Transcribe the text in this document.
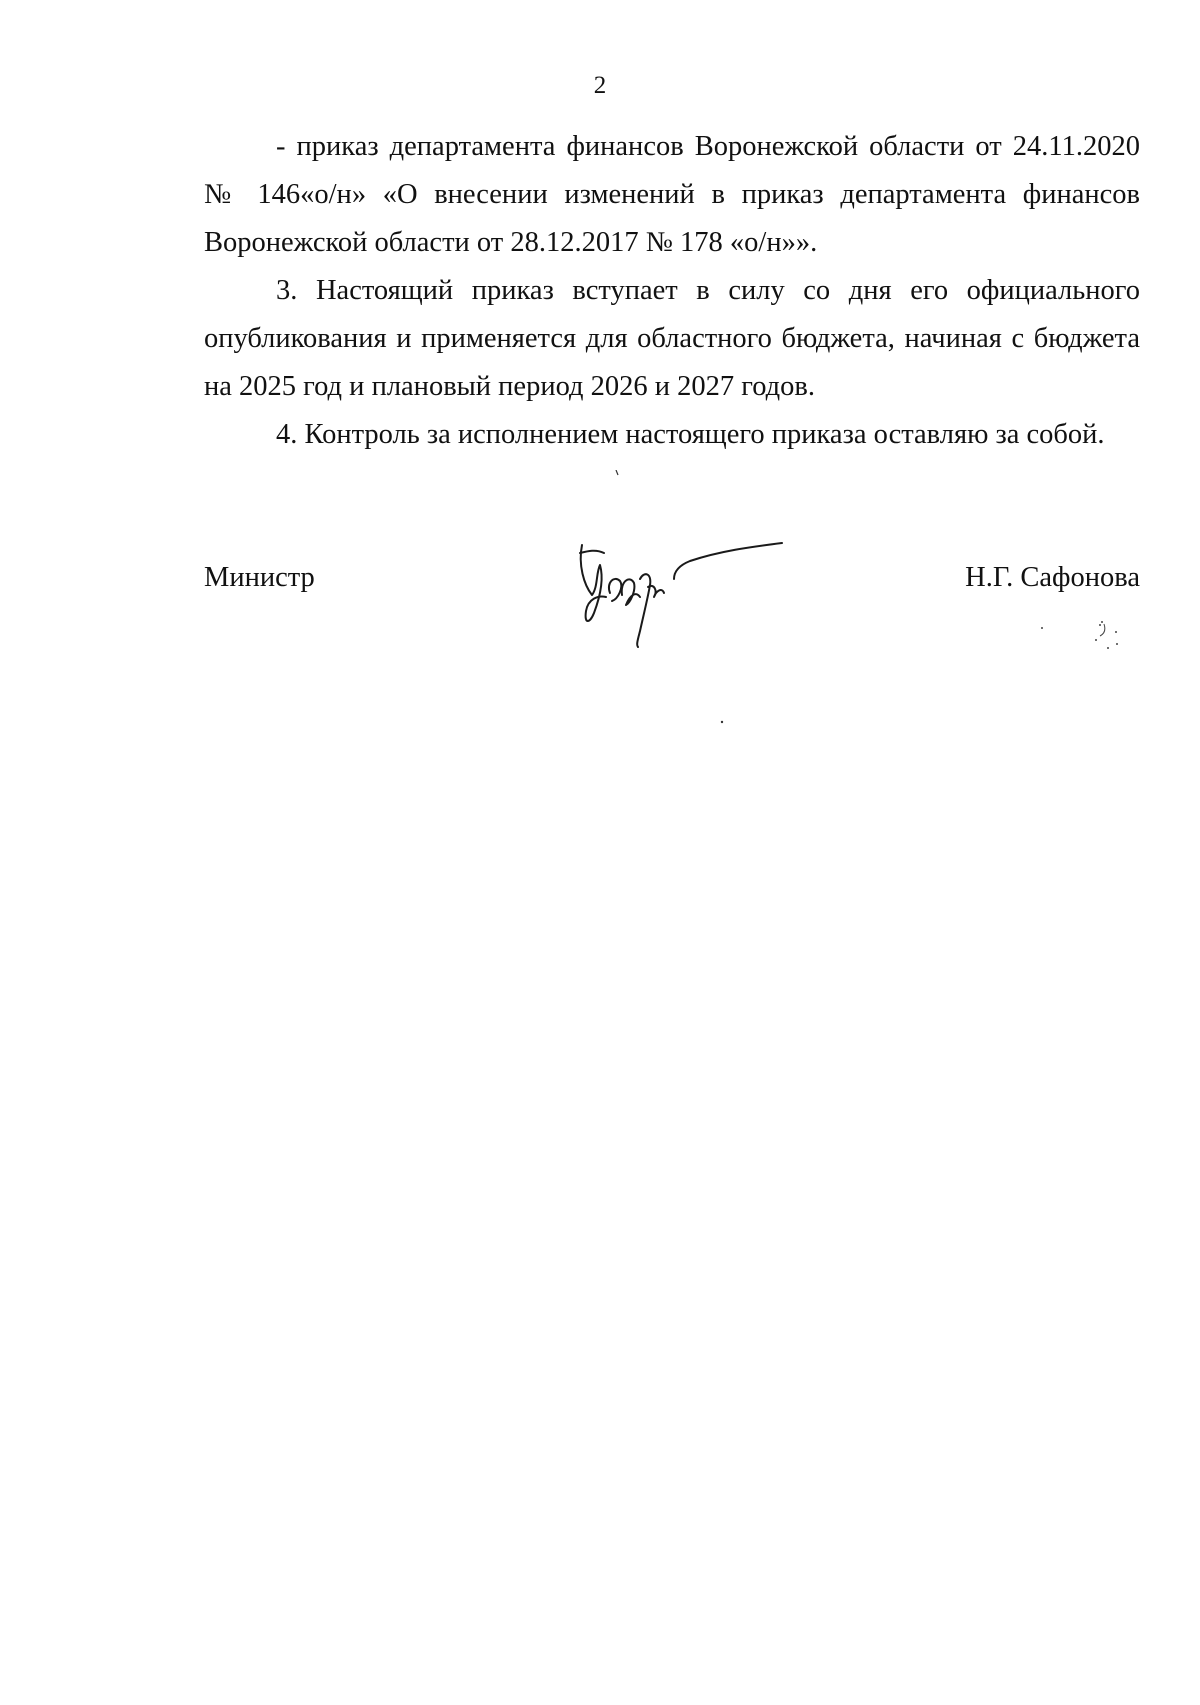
2

- приказ департамента финансов Воронежской области от 24.11.2020 № 146«о/н» «О внесении изменений в приказ департамента финансов Воронежской области от 28.12.2017 № 178 «о/н»».

3. Настоящий приказ вступает в силу со дня его официального опубликования и применяется для областного бюджета, начиная с бюджета на 2025 год и плановый период 2026 и 2027 годов.

4. Контроль за исполнением настоящего приказа оставляю за собой.

Министр	Н.Г. Сафонова
